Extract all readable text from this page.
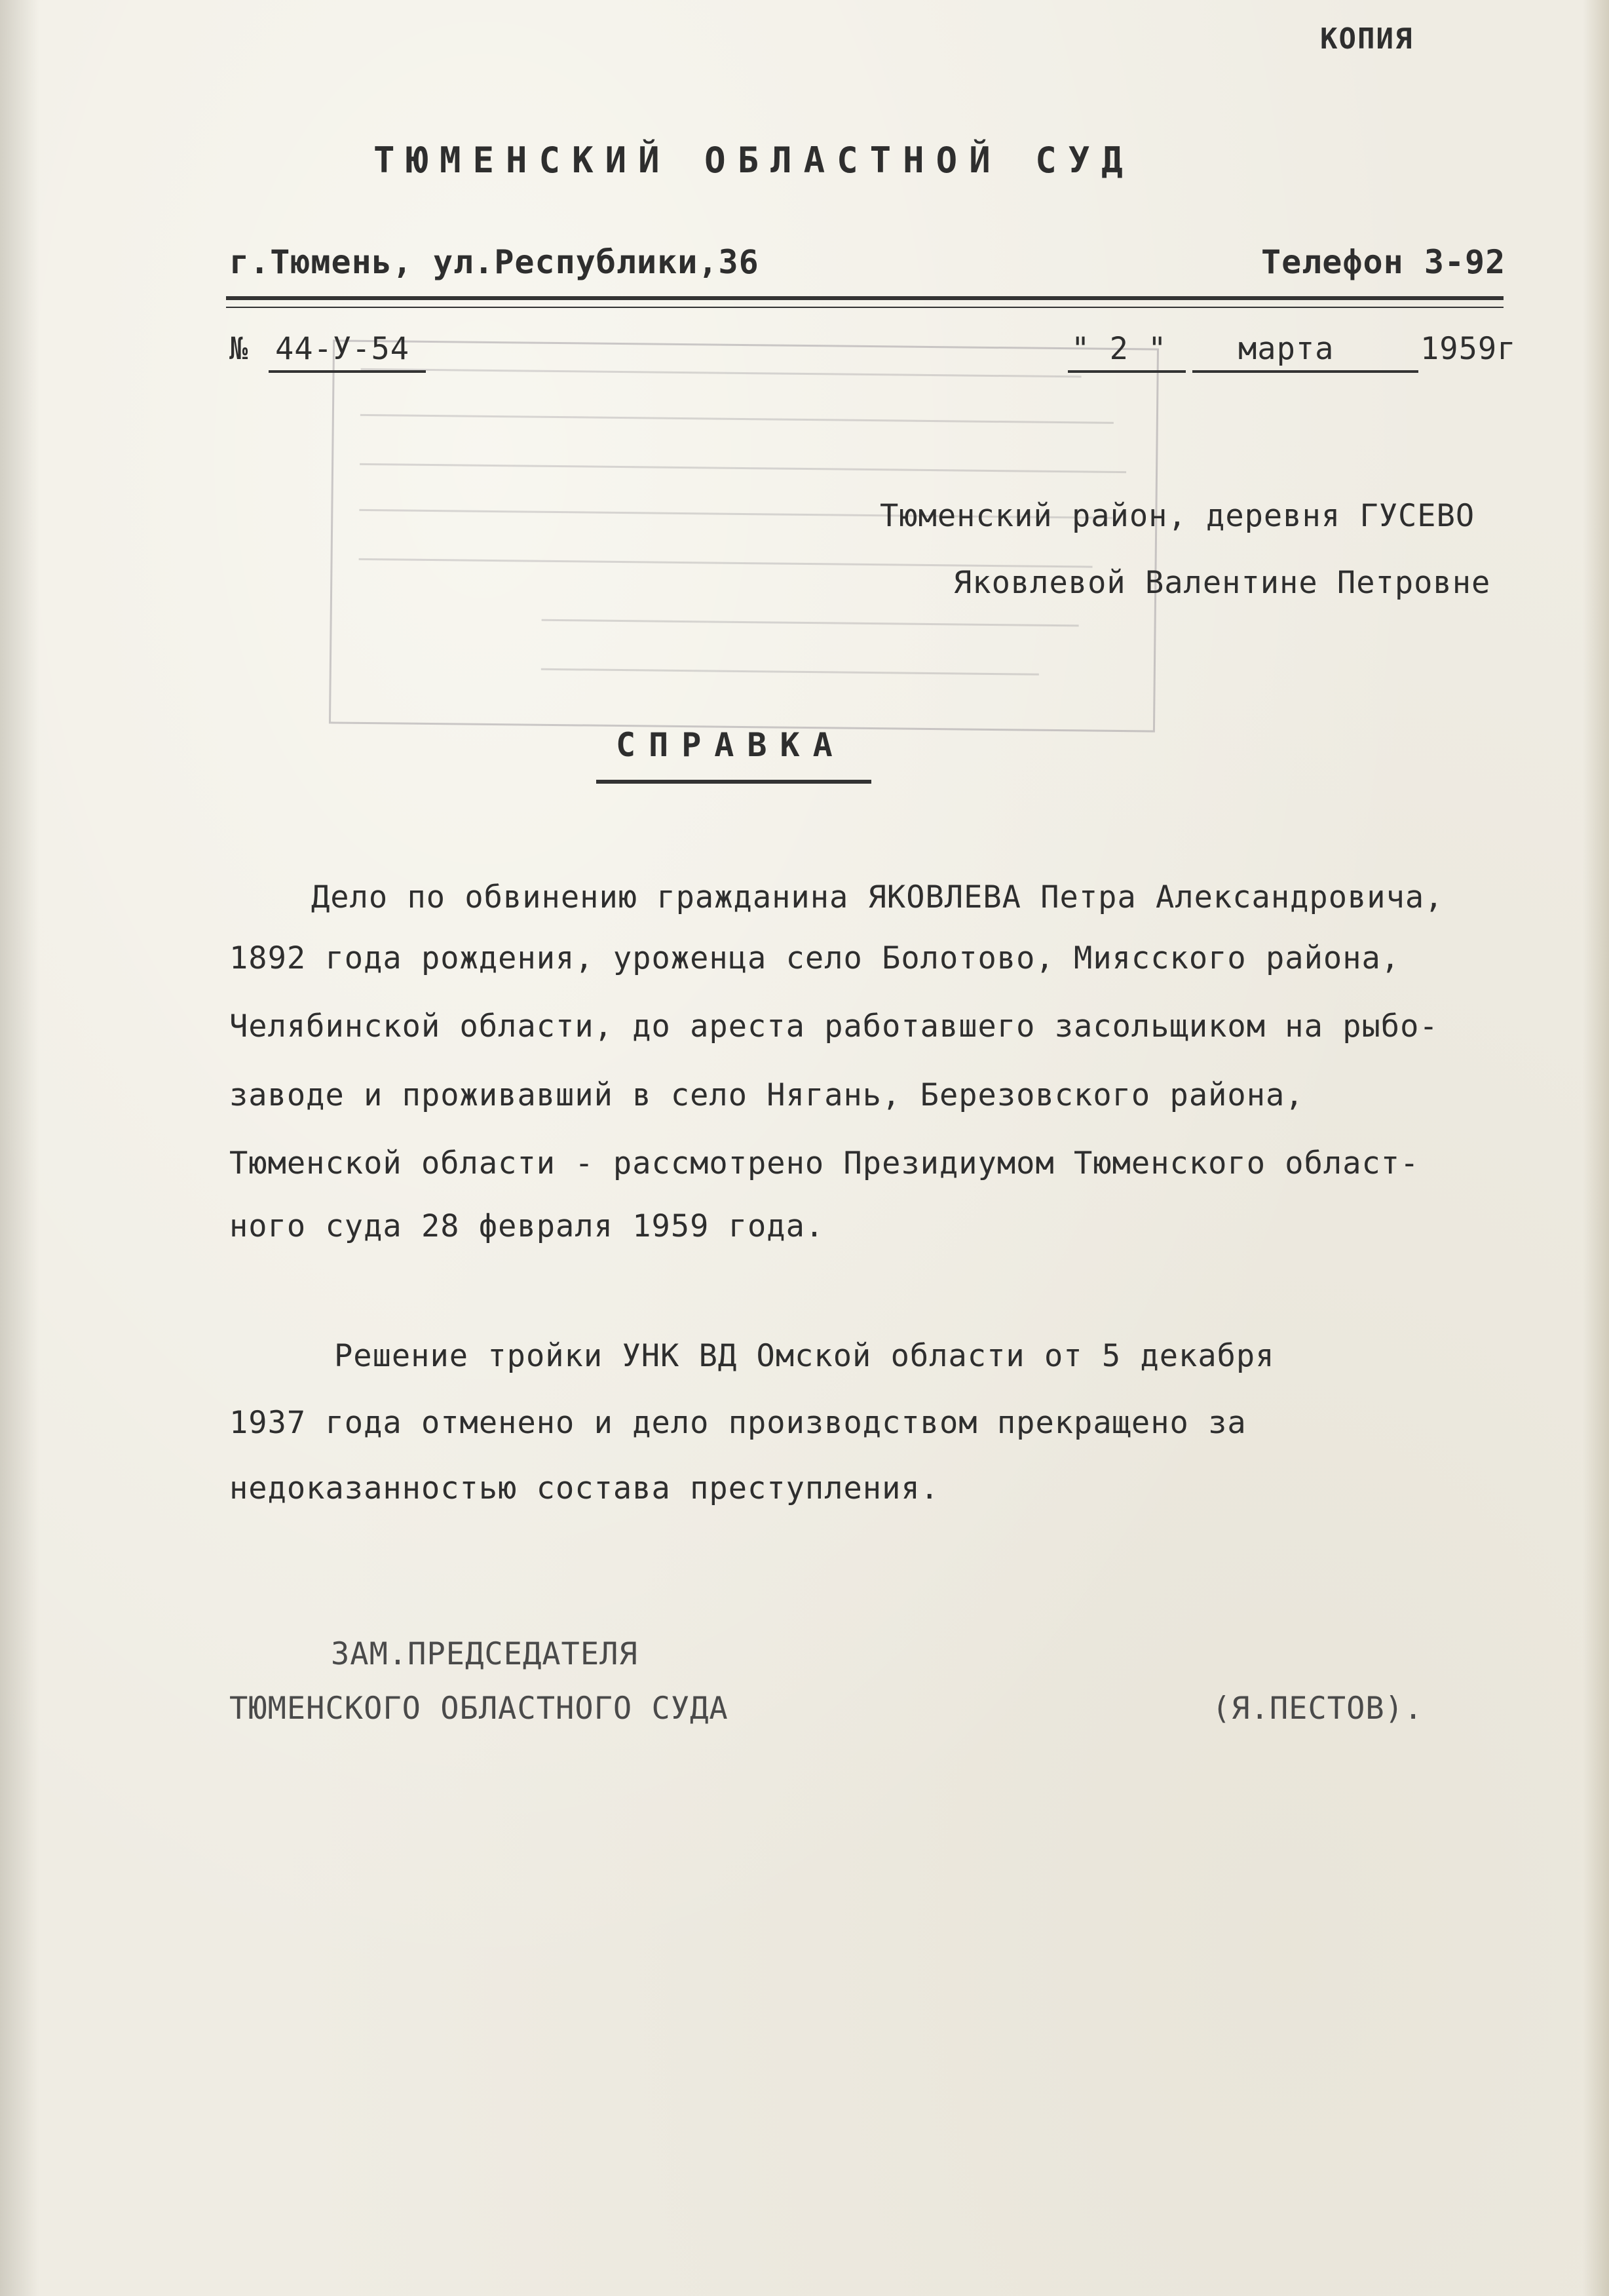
КОПИЯ

ТЮМЕНСКИЙ ОБЛАСТНОЙ СУД

г.Тюмень, ул.Республики,36	Телефон 3-92

№ 44-У-54	" 2 " марта	1959г

Тюменский район, деревня ГУСЕВО

Яковлевой Валентине Петровне

СПРАВКА

Дело по обвинению гражданина ЯКОВЛЕВА Петра Александровича,

1892 года рождения, уроженца село Болотово, Миясского района,

Челябинской области, до ареста работавшего засольщиком на рыбо-

заводе и проживавший в село Нягань, Березовского района,

Тюменской области - рассмотрено Президиумом Тюменского област-

ного суда 28 февраля 1959 года.

Решение тройки УНК ВД Омской области от 5 декабря

1937 года отменено и дело производством прекращено за

недоказанностью состава преступления.

ЗАМ.ПРЕДСЕДАТЕЛЯ

ТЮМЕНСКОГО ОБЛАСТНОГО СУДА	(Я.ПЕСТОВ).
